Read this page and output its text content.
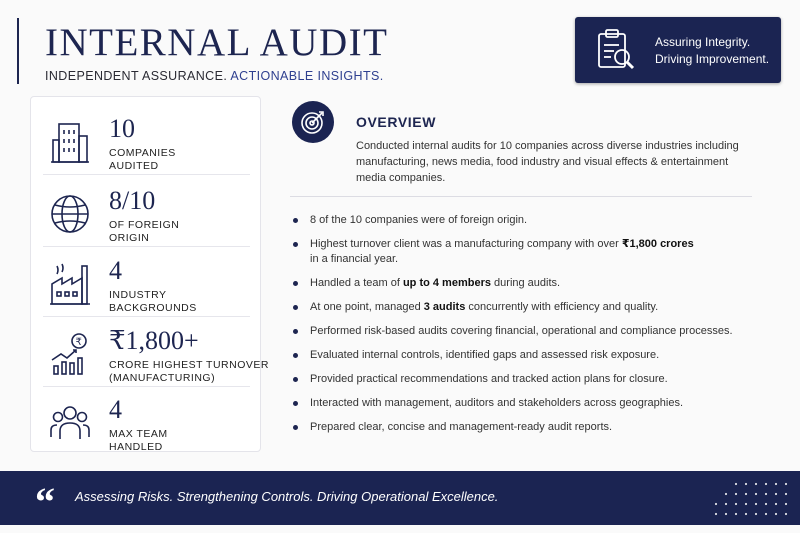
INTERNAL AUDIT
INDEPENDENT ASSURANCE. ACTIONABLE INSIGHTS.
Assuring Integrity.
Driving Improvement.
10
COMPANIES
AUDITED
8/10
OF FOREIGN
ORIGIN
4
INDUSTRY
BACKGROUNDS
₹ ₹1,800+
CRORE HIGHEST TURNOVER
(MANUFACTURING)
4
MAX TEAM
HANDLED
OVERVIEW
Conducted internal audits for 10 companies across diverse industries including manufacturing, news media, food industry and visual effects & entertainment media companies.
8 of the 10 companies were of foreign origin.
Highest turnover client was a manufacturing company with over ₹1,800 crores
in a financial year.
Handled a team of up to 4 members during audits.
At one point, managed 3 audits concurrently with efficiency and quality.
Performed risk-based audits covering financial, operational and compliance processes.
Evaluated internal controls, identified gaps and assessed risk exposure.
Provided practical recommendations and tracked action plans for closure.
Interacted with management, auditors and stakeholders across geographies.
Prepared clear, concise and management-ready audit reports.
“ Assessing Risks. Strengthening Controls. Driving Operational Excellence.
